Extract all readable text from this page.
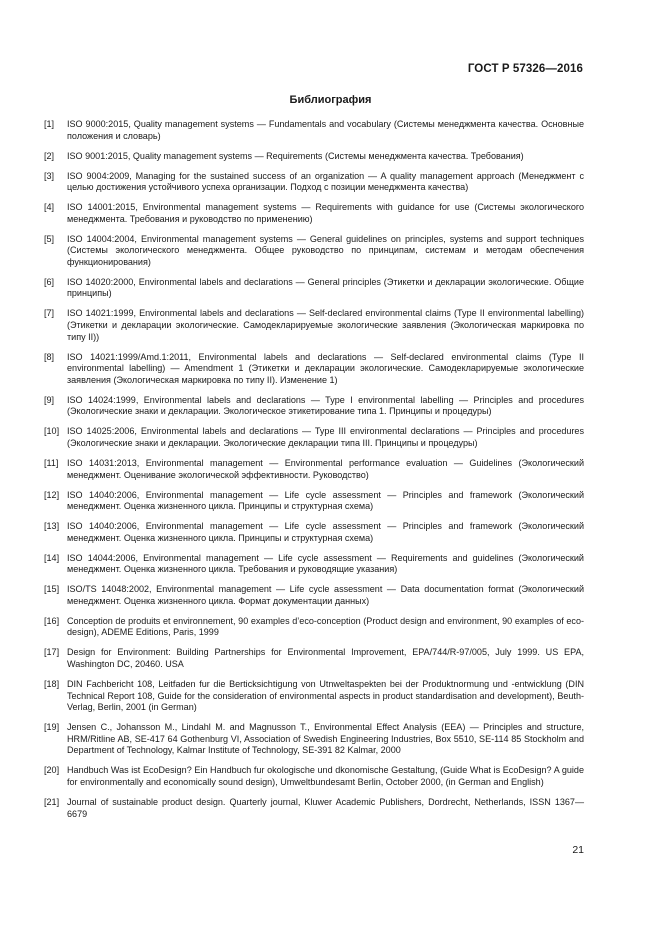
ГОСТ Р 57326—2016
Библиография
[1]	ISO 9000:2015, Quality management systems — Fundamentals and vocabulary (Системы менеджмента качества. Основные положения и словарь)
[2]	ISO 9001:2015, Quality management systems — Requirements (Системы менеджмента качества. Требования)
[3]	ISO 9004:2009, Managing for the sustained success of an organization — A quality management approach (Менеджмент с целью достижения устойчивого успеха организации. Подход с позиции менеджмента качества)
[4]	ISO 14001:2015, Environmental management systems — Requirements with guidance for use (Системы экологического менеджмента. Требования и руководство по применению)
[5]	ISO 14004:2004, Environmental management systems — General guidelines on principles, systems and support techniques (Системы экологического менеджмента. Общее руководство по принципам, системам и методам обеспечения функционирования)
[6]	ISO 14020:2000, Environmental labels and declarations — General principles (Этикетки и декларации экологические. Общие принципы)
[7]	ISO 14021:1999, Environmental labels and declarations — Self-declared environmental claims (Type II environmental labelling) (Этикетки и декларации экологические. Самодекларируемые экологические заявления (Экологическая маркировка по типу II))
[8]	ISO 14021:1999/Amd.1:2011, Environmental labels and declarations — Self-declared environmental claims (Type II environmental labelling) — Amendment 1 (Этикетки и декларации экологические. Самодекларируемые экологические заявления (Экологическая маркировка по типу II). Изменение 1)
[9]	ISO 14024:1999, Environmental labels and declarations — Type I environmental labelling — Principles and procedures (Экологические знаки и декларации. Экологическое этикетирование типа 1. Принципы и процедуры)
[10] ISO 14025:2006, Environmental labels and declarations — Type III environmental declarations — Principles and procedures (Экологические знаки и декларации. Экологические декларации типа III. Принципы и процедуры)
[11] ISO 14031:2013, Environmental management — Environmental performance evaluation — Guidelines (Экологический менеджмент. Оценивание экологической эффективности. Руководство)
[12] ISO 14040:2006, Environmental management — Life cycle assessment — Principles and framework (Экологический менеджмент. Оценка жизненного цикла. Принципы и структурная схема)
[13] ISO 14040:2006, Environmental management — Life cycle assessment — Principles and framework (Экологический менеджмент. Оценка жизненного цикла. Принципы и структурная схема)
[14] ISO 14044:2006, Environmental management — Life cycle assessment — Requirements and guidelines (Экологический менеджмент. Оценка жизненного цикла. Требования и руководящие указания)
[15] ISO/TS 14048:2002, Environmental management — Life cycle assessment — Data documentation format (Экологический менеджмент. Оценка жизненного цикла. Формат документации данных)
[16] Conception de produits et environnement, 90 examples d’eco-conception (Product design and environment, 90 examples of eco-design), ADEME Editions, Paris, 1999
[17] Design for Environment: Building Partnerships for Environmental Improvement, EPA/744/R-97/005, July 1999. US EPA, Washington DC, 20460. USA
[18] DIN Fachbericht 108, Leitfaden fur die Berticksichtigung von Utnweltaspekten bei der Produktnormung und -entwicklung (DIN Technical Report 108, Guide for the consideration of environmental aspects in product standardisation and development), Beuth-Verlag, Berlin, 2001 (in German)
[19] Jensen C., Johansson M., Lindahl M. and Magnusson T., Environmental Effect Analysis (EEA) — Principles and structure, HRM/Ritline AB, SE-417 64 Gothenburg VI, Association of Swedish Engineering Industries, Box 5510, SE-114 85 Stockholm and Department of Technology, Kalmar Institute of Technology, SE-391 82 Kalmar, 2000
[20] Handbuch Was ist EcoDesign? Ein Handbuch fur okologische und dkonomische Gestaltung, (Guide What is EcoDesign? A guide for environmentally and economically sound design), Umweltbundesamt Berlin, October 2000, (in German and English)
[21] Journal of sustainable product design. Quarterly journal, Kluwer Academic Publishers, Dordrecht, Netherlands, ISSN 1367—6679
21
